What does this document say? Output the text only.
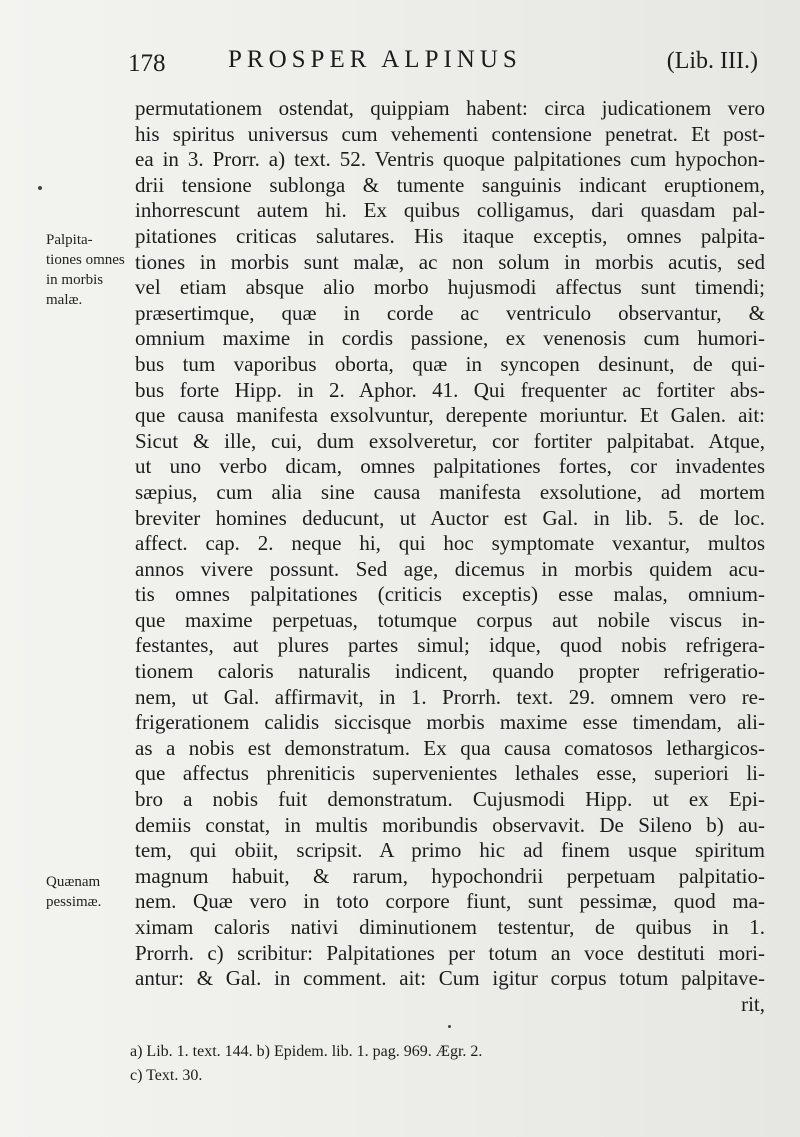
178	PROSPER ALPINUS	(Lib. III.)
Palpita- tiones omnes in morbis malæ.
Quænam pessimæ.
permutationem ostendat, quippiam habent: circa judicationem vero
his spiritus universus cum vehementi contensione penetrat. Et post-
ea in 3. Prorr. a) text. 52. Ventris quoque palpitationes cum hypochon-
drii tensione sublonga & tumente sanguinis indicant eruptionem,
inhorrescunt autem hi. Ex quibus colligamus, dari quasdam pal-
pitationes criticas salutares. His itaque exceptis, omnes palpita-
tiones in morbis sunt malæ, ac non solum in morbis acutis, sed
vel etiam absque alio morbo hujusmodi affectus sunt timendi;
præsertimque, quæ in corde ac ventriculo observantur, &
omnium maxime in cordis passione, ex venenosis cum humori-
bus tum vaporibus oborta, quæ in syncopen desinunt, de qui-
bus forte Hipp. in 2. Aphor. 41. Qui frequenter ac fortiter abs-
que causa manifesta exsolvuntur, derepente moriuntur. Et Galen. ait:
Sicut & ille, cui, dum exsolveretur, cor fortiter palpitabat. Atque,
ut uno verbo dicam, omnes palpitationes fortes, cor invadentes
sæpius, cum alia sine causa manifesta exsolutione, ad mortem
breviter homines deducunt, ut Auctor est Gal. in lib. 5. de loc.
affect. cap. 2. neque hi, qui hoc symptomate vexantur, multos
annos vivere possunt. Sed age, dicemus in morbis quidem acu-
tis omnes palpitationes (criticis exceptis) esse malas, omnium-
que maxime perpetuas, totumque corpus aut nobile viscus in-
festantes, aut plures partes simul; idque, quod nobis refrigera-
tionem caloris naturalis indicent, quando propter refrigeratio-
nem, ut Gal. affirmavit, in 1. Prorrh. text. 29. omnem vero re-
frigerationem calidis siccisque morbis maxime esse timendam, ali-
as a nobis est demonstratum. Ex qua causa comatosos lethargicos-
que affectus phreniticis supervenientes lethales esse, superiori li-
bro a nobis fuit demonstratum. Cujusmodi Hipp. ut ex Epi-
demiis constat, in multis moribundis observavit. De Sileno b) au-
tem, qui obiit, scripsit. A primo hic ad finem usque spiritum
magnum habuit, & rarum, hypochondrii perpetuam palpitatio-
nem. Quæ vero in toto corpore fiunt, sunt pessimæ, quod ma-
ximam caloris nativi diminutionem testentur, de quibus in 1.
Prorrh. c) scribitur: Palpitationes per totum an voce destituti mori-
antur: & Gal. in comment. ait: Cum igitur corpus totum palpitave-
rit,
a) Lib. 1. text. 144. b) Epidem. lib. 1. pag. 969. Ægr. 2.
c) Text. 30.
